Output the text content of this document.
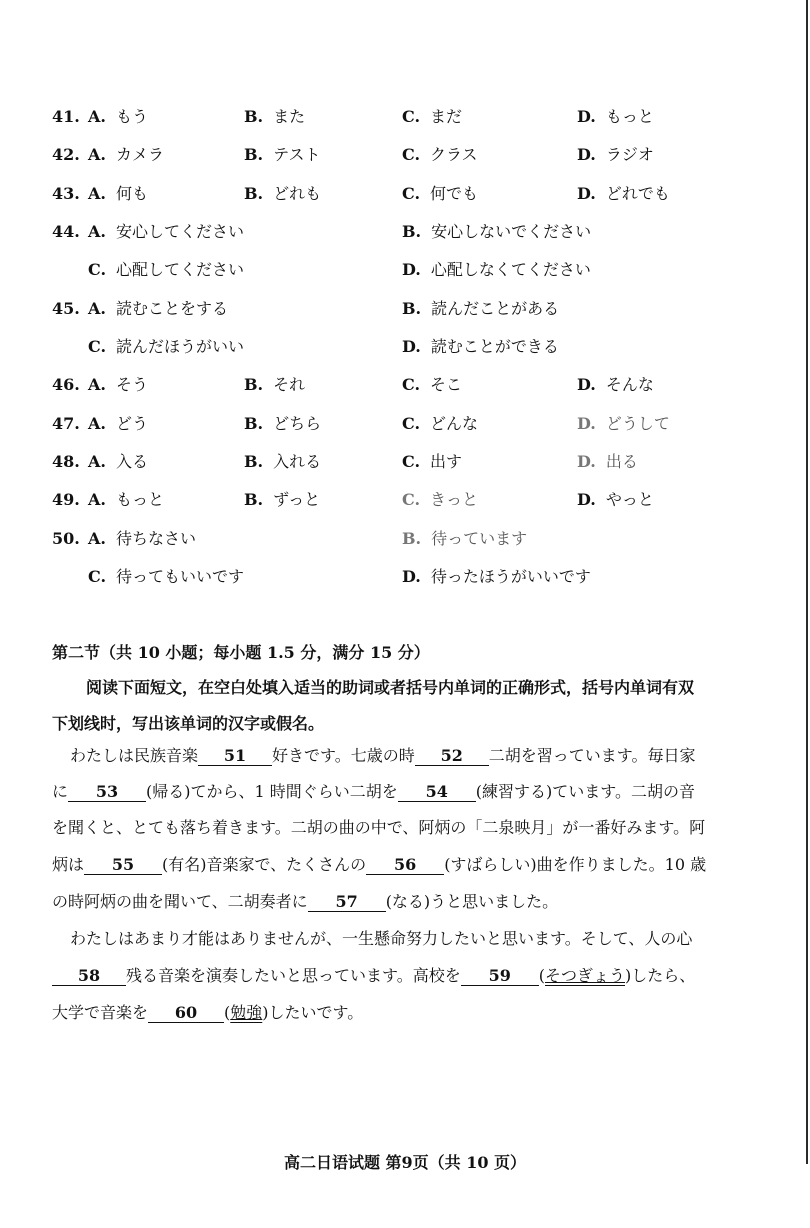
41. A. もう	B. また	C. まだ	D. もっと
42. A. カメラ	B. テスト	C. クラス	D. ラジオ
43. A. 何も	B. どれも	C. 何でも	D. どれでも
44. A. 安心してください	B. 安心しないでください
C. 心配してください	D. 心配しなくてください
45. A. 読むことをする	B. 読んだことがある
C. 読んだほうがいい	D. 読むことができる
46. A. そう	B. それ	C. そこ	D. そんな
47. A. どう	B. どちら	C. どんな	D. どうして
48. A. 入る	B. 入れる	C. 出す	D. 出る
49. A. もっと	B. ずっと	C. きっと	D. やっと
50. A. 待ちなさい	B. 待っています
C. 待ってもいいです	D. 待ったほうがいいです
第二节（共 10 小题；每小题 1.5 分，满分 15 分）
阅读下面短文，在空白处填入适当的助词或者括号内单词的正确形式，括号内单词有双
下划线时，写出该单词的汉字或假名。
わたしは民族音楽 51 好きです。七歳の時 52 二胡を習っています。毎日家
に 53 (帰る)てから、1 時間ぐらい二胡を 54 (練習する)ています。二胡の音
を聞くと、とても落ち着きます。二胡の曲の中で、阿炳の「二泉映月」が一番好みます。阿
炳は 55 (有名)音楽家で、たくさんの 56 (すばらしい)曲を作りました。10 歳
の時阿炳の曲を聞いて、二胡奏者に 57 (なる)うと思いました。
わたしはあまり才能はありませんが、一生懸命努力したいと思います。そして、人の心
58 残る音楽を演奏したいと思っています。高校を 59 (そつぎょう)したら、
大学で音楽を 60 (勉強)したいです。
高二日语试题 第9页（共 10 页）
